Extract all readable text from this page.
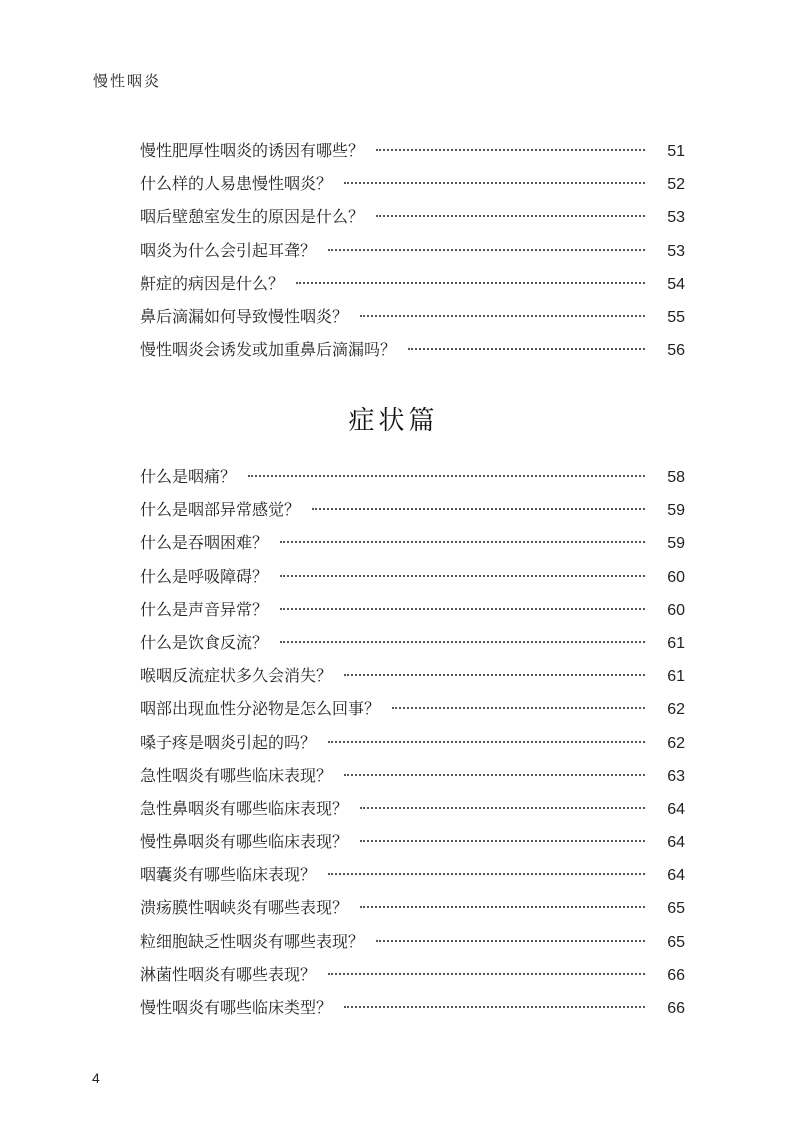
慢性咽炎
慢性肥厚性咽炎的诱因有哪些？	51
什么样的人易患慢性咽炎？	52
咽后壁憩室发生的原因是什么？	53
咽炎为什么会引起耳聋？	53
鼾症的病因是什么？	54
鼻后滴漏如何导致慢性咽炎？	55
慢性咽炎会诱发或加重鼻后滴漏吗？	56
症状篇
什么是咽痛？	58
什么是咽部异常感觉？	59
什么是吞咽困难？	59
什么是呼吸障碍？	60
什么是声音异常？	60
什么是饮食反流？	61
喉咽反流症状多久会消失？	61
咽部出现血性分泌物是怎么回事？	62
嗓子疼是咽炎引起的吗？	62
急性咽炎有哪些临床表现？	63
急性鼻咽炎有哪些临床表现？	64
慢性鼻咽炎有哪些临床表现？	64
咽囊炎有哪些临床表现？	64
溃疡膜性咽峡炎有哪些表现？	65
粒细胞缺乏性咽炎有哪些表现？	65
淋菌性咽炎有哪些表现？	66
慢性咽炎有哪些临床类型？	66
4
